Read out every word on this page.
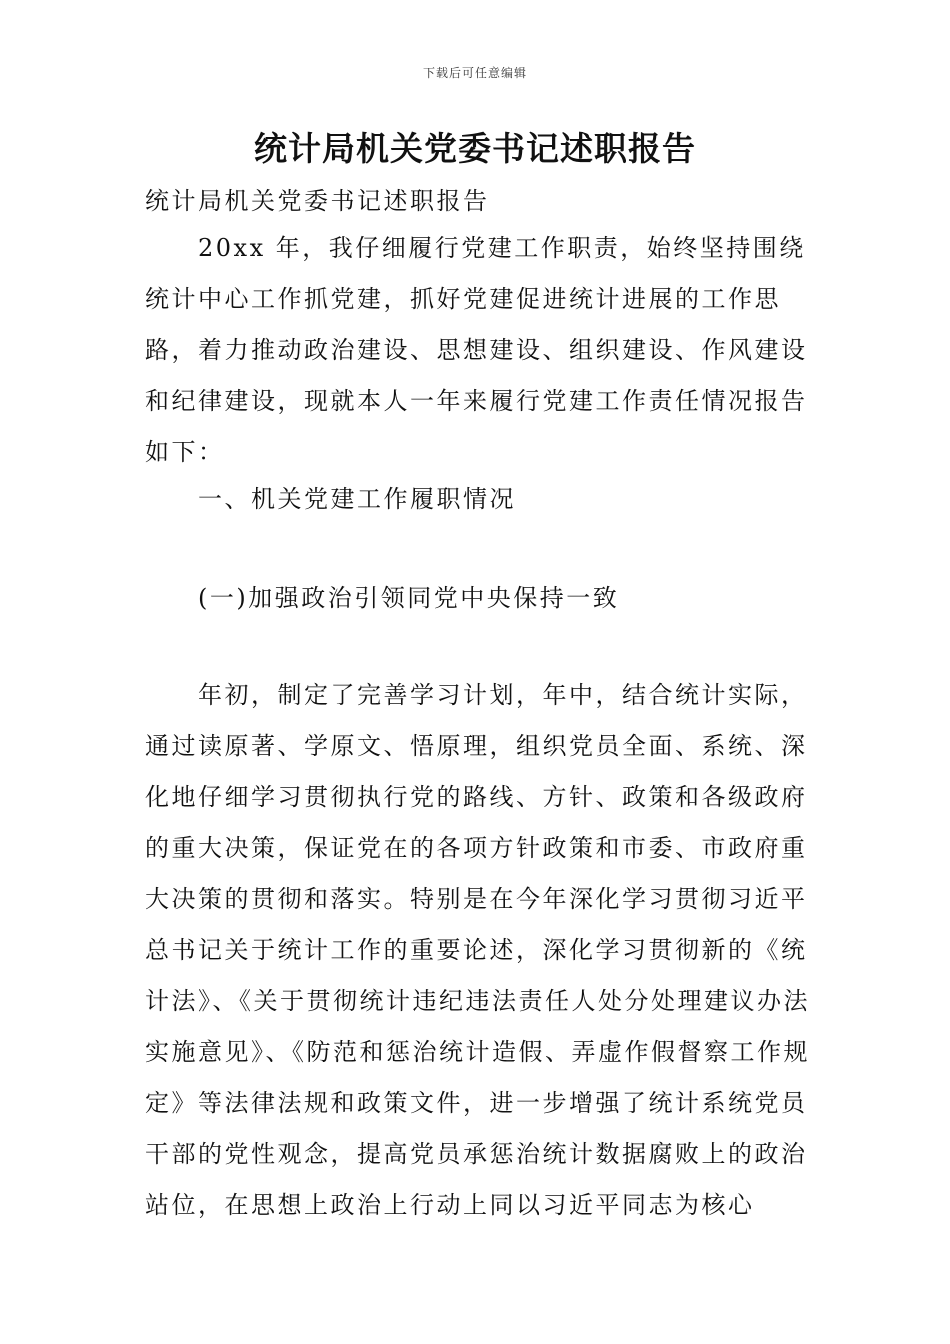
下载后可任意编辑
统计局机关党委书记述职报告

统计局机关党委书记述职报告

20xx 年，我仔细履行党建工作职责，始终坚持围绕统计中心工作抓党建，抓好党建促进统计进展的工作思路，着力推动政治建设、思想建设、组织建设、作风建设和纪律建设，现就本人一年来履行党建工作责任情况报告如下：

一、机关党建工作履职情况

(一)加强政治引领同党中央保持一致

年初，制定了完善学习计划，年中，结合统计实际，通过读原著、学原文、悟原理，组织党员全面、系统、深化地仔细学习贯彻执行党的路线、方针、政策和各级政府的重大决策，保证党在的各项方针政策和市委、市政府重大决策的贯彻和落实。特别是在今年深化学习贯彻习近平总书记关于统计工作的重要论述，深化学习贯彻新的《统计法》、《关于贯彻统计违纪违法责任人处分处理建议办法实施意见》、《防范和惩治统计造假、弄虚作假督察工作规定》等法律法规和政策文件，进一步增强了统计系统党员干部的党性观念，提高党员承惩治统计数据腐败上的政治站位，在思想上政治上行动上同以习近平同志为核心
